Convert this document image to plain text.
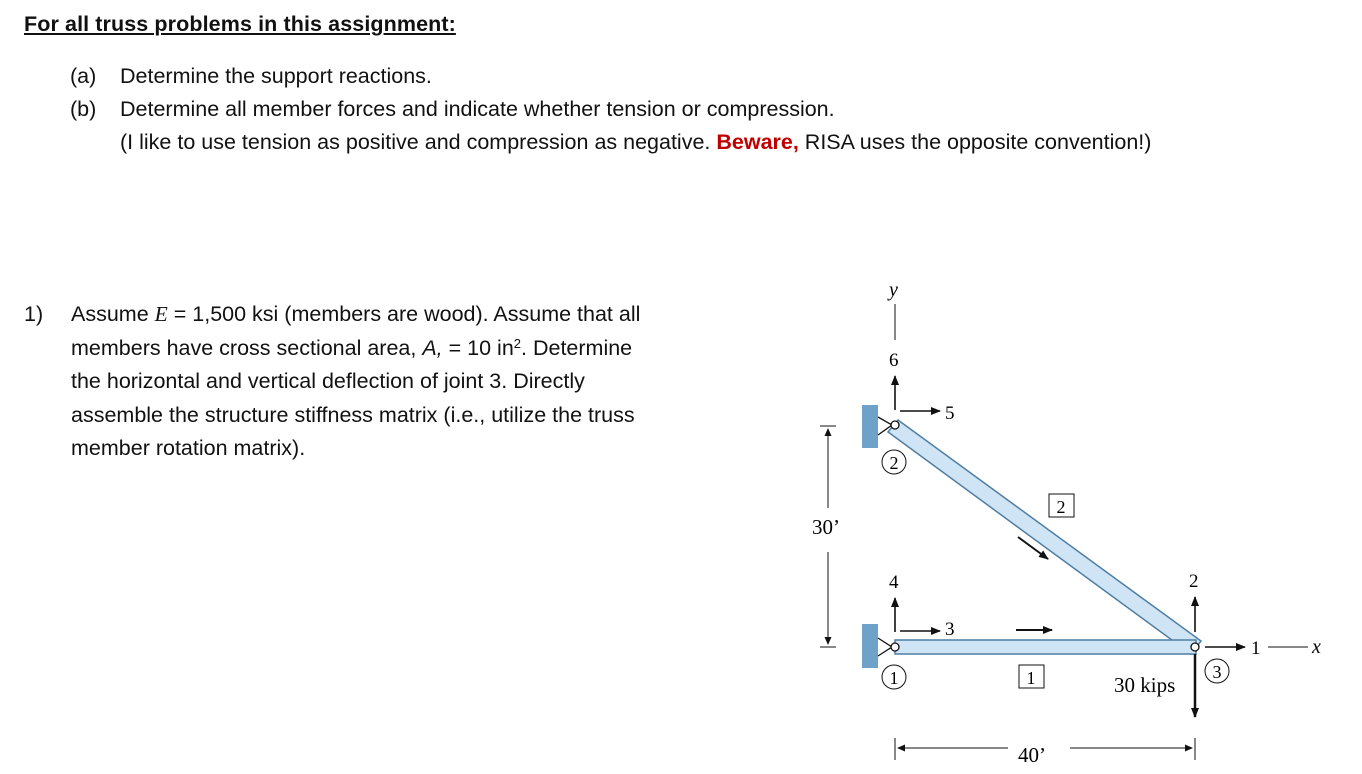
For all truss problems in this assignment:
(a) Determine the support reactions.
(b) Determine all member forces and indicate whether tension or compression.
(I like to use tension as positive and compression as negative. Beware, RISA uses the opposite convention!)
1) Assume E = 1,500 ksi (members are wood). Assume that all members have cross sectional area, A, = 10 $in^2$. Determine the horizontal and vertical deflection of joint 3. Directly assemble the structure stiffness matrix (i.e., utilize the truss member rotation matrix).
y
6
5
4
3
2
1	x
30 kips
2
1	3
2
1
30’
40’
